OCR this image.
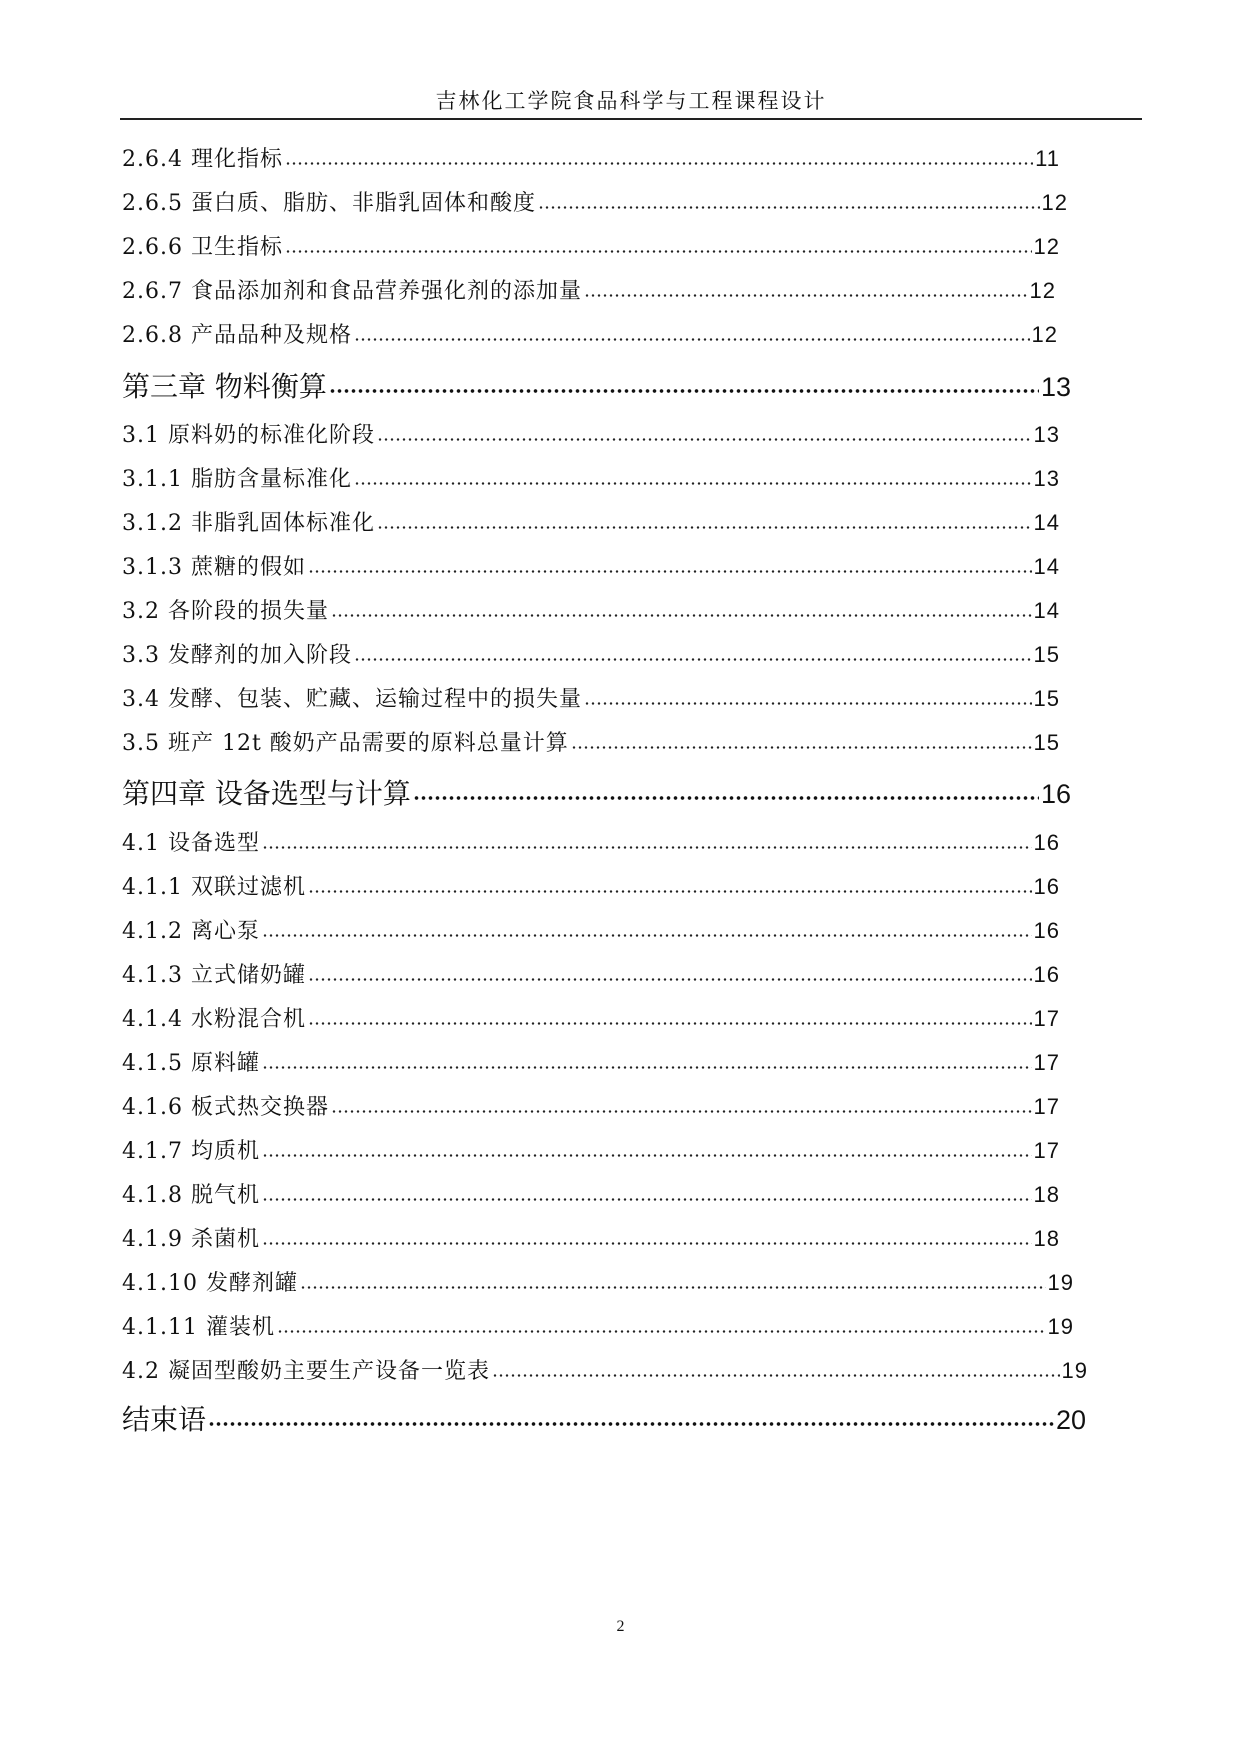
吉林化工学院食品科学与工程课程设计
2.6.4 理化指标	11
2.6.5 蛋白质、脂肪、非脂乳固体和酸度	12
2.6.6 卫生指标	12
2.6.7 食品添加剂和食品营养强化剂的添加量	12
2.6.8 产品品种及规格	12
第三章 物料衡算	13
3.1 原料奶的标准化阶段	13
3.1.1 脂肪含量标准化	13
3.1.2 非脂乳固体标准化	14
3.1.3 蔗糖的假如	14
3.2 各阶段的损失量	14
3.3 发酵剂的加入阶段	15
3.4 发酵、包装、贮藏、运输过程中的损失量	15
3.5 班产 12t 酸奶产品需要的原料总量计算	15
第四章 设备选型与计算	16
4.1 设备选型	16
4.1.1 双联过滤机	16
4.1.2 离心泵	16
4.1.3 立式储奶罐	16
4.1.4 水粉混合机	17
4.1.5 原料罐	17
4.1.6 板式热交换器	17
4.1.7 均质机	17
4.1.8 脱气机	18
4.1.9 杀菌机	18
4.1.10 发酵剂罐	19
4.1.11 灌装机	19
4.2 凝固型酸奶主要生产设备一览表	19
结束语	20
2
